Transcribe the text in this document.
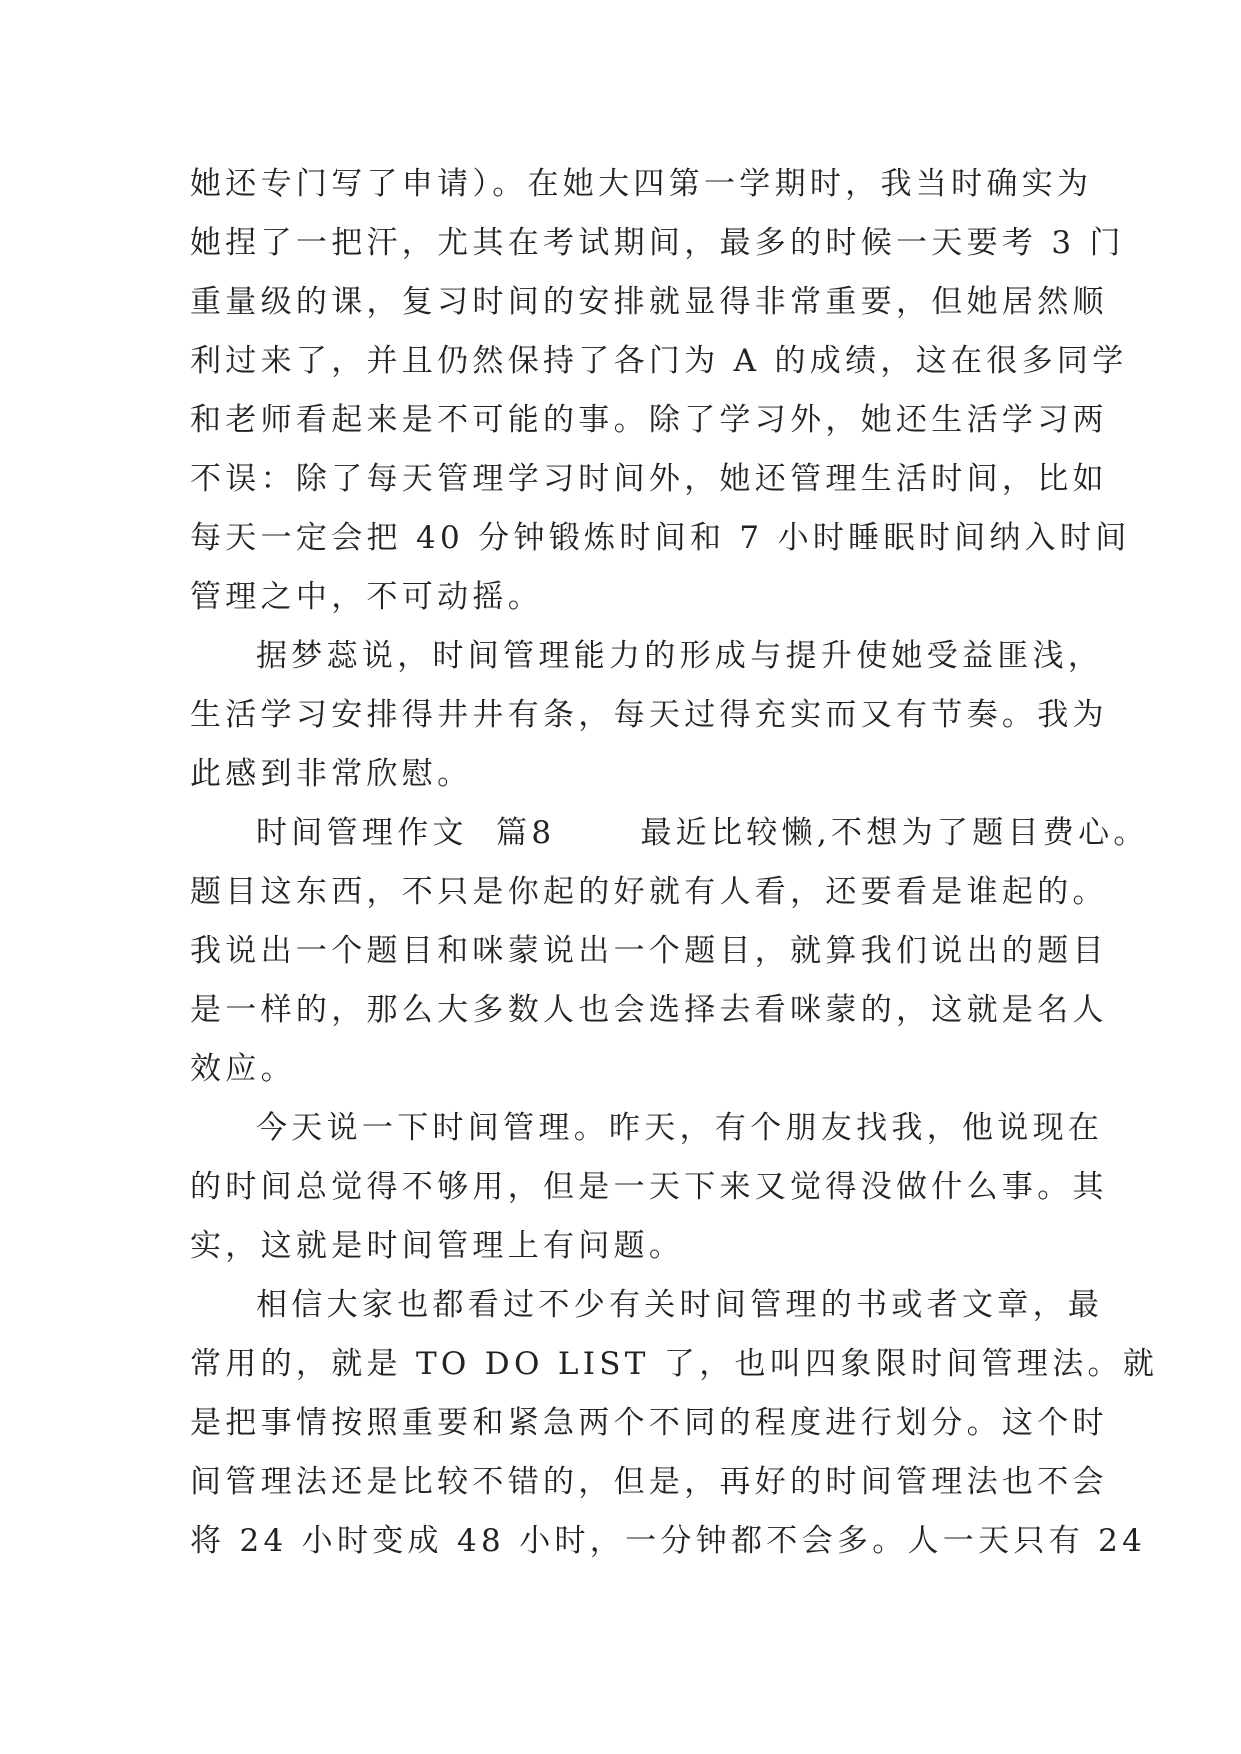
她还专门写了申请）。在她大四第一学期时，我当时确实为
她捏了一把汗，尤其在考试期间，最多的时候一天要考 3 门
重量级的课，复习时间的安排就显得非常重要，但她居然顺
利过来了，并且仍然保持了各门为 A 的成绩，这在很多同学
和老师看起来是不可能的事。除了学习外，她还生活学习两
不误：除了每天管理学习时间外，她还管理生活时间，比如
每天一定会把 40 分钟锻炼时间和 7 小时睡眠时间纳入时间
管理之中，不可动摇。
据梦蕊说，时间管理能力的形成与提升使她受益匪浅，
生活学习安排得井井有条，每天过得充实而又有节奏。我为
此感到非常欣慰。
时间管理作文  篇8      最近比较懒,不想为了题目费心。
题目这东西，不只是你起的好就有人看，还要看是谁起的。
我说出一个题目和咪蒙说出一个题目，就算我们说出的题目
是一样的，那么大多数人也会选择去看咪蒙的，这就是名人
效应。
今天说一下时间管理。昨天，有个朋友找我，他说现在
的时间总觉得不够用，但是一天下来又觉得没做什么事。其
实，这就是时间管理上有问题。
相信大家也都看过不少有关时间管理的书或者文章，最
常用的，就是 TO DO LIST 了，也叫四象限时间管理法。就
是把事情按照重要和紧急两个不同的程度进行划分。这个时
间管理法还是比较不错的，但是，再好的时间管理法也不会
将 24 小时变成 48 小时，一分钟都不会多。人一天只有 24
